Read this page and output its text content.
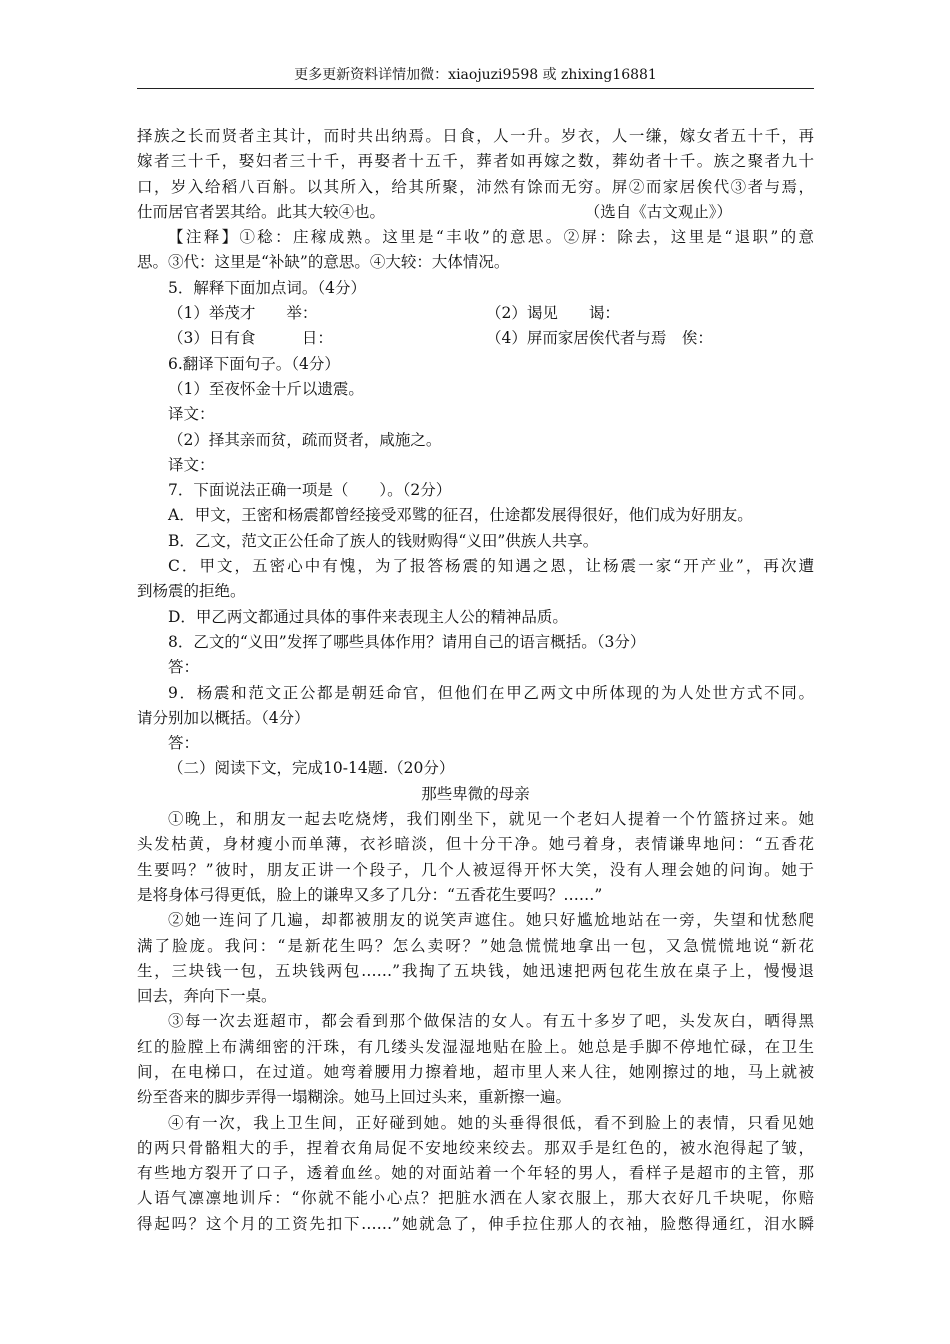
更多更新资料详情加微：xiaojuzi9598 或 zhixing16881
择族之长而贤者主其计，而时共出纳焉。日食，人一升。岁衣，人一缣，嫁女者五十千，再
嫁者三十千，娶妇者三十千，再娶者十五千，葬者如再嫁之数，葬幼者十千。族之聚者九十
口，岁入给稻八百斛。以其所入，给其所聚，沛然有馀而无穷。屏②而家居俟代③者与焉，
仕而居官者罢其给。此其大较④也。	（选自《古文观止》）
【注释】①稔：庄稼成熟。这里是“丰收”的意思。②屏：除去，这里是“退职”的意
思。③代：这里是“补缺”的意思。④大较：大体情况。
5．解释下面加点词。（4分）
（1）举茂才　　举：	（2）谒见　　谒：
（3）日有食　　　日：	（4）屏而家居俟代者与焉　俟：
6.翻译下面句子。（4分）
（1）至夜怀金十斤以遗震。
译文：
（2）择其亲而贫，疏而贤者，咸施之。
译文：
7．下面说法正确一项是（　　）。（2分）
A．甲文，王密和杨震都曾经接受邓骘的征召，仕途都发展得很好，他们成为好朋友。
B．乙文，范文正公任命了族人的钱财购得“义田”供族人共享。
C．甲文，五密心中有愧，为了报答杨震的知遇之恩，让杨震一家“开产业”，再次遭
到杨震的拒绝。
D．甲乙两文都通过具体的事件来表现主人公的精神品质。
8．乙文的“义田”发挥了哪些具体作用？请用自己的语言概括。（3分）
答：
9．杨震和范文正公都是朝廷命官，但他们在甲乙两文中所体现的为人处世方式不同。
请分别加以概括。（4分）
答：
（二）阅读下文，完成10-14题.（20分）
那些卑微的母亲
①晚上，和朋友一起去吃烧烤，我们刚坐下，就见一个老妇人提着一个竹篮挤过来。她
头发枯黄，身材瘦小而单薄，衣衫暗淡，但十分干净。她弓着身，表情谦卑地问：“五香花
生要吗？”彼时，朋友正讲一个段子，几个人被逗得开怀大笑，没有人理会她的问询。她于
是将身体弓得更低，脸上的谦卑又多了几分：“五香花生要吗？……”
②她一连问了几遍，却都被朋友的说笑声遮住。她只好尴尬地站在一旁，失望和忧愁爬
满了脸庞。我问：“是新花生吗？怎么卖呀？”她急慌慌地拿出一包，又急慌慌地说“新花
生，三块钱一包，五块钱两包……”我掏了五块钱，她迅速把两包花生放在桌子上，慢慢退
回去，奔向下一桌。
③每一次去逛超市，都会看到那个做保洁的女人。有五十多岁了吧，头发灰白，晒得黑
红的脸膛上布满细密的汗珠，有几缕头发湿湿地贴在脸上。她总是手脚不停地忙碌，在卫生
间，在电梯口，在过道。她弯着腰用力擦着地，超市里人来人往，她刚擦过的地，马上就被
纷至沓来的脚步弄得一塌糊涂。她马上回过头来，重新擦一遍。
④有一次，我上卫生间，正好碰到她。她的头垂得很低，看不到脸上的表情，只看见她
的两只骨骼粗大的手，捏着衣角局促不安地绞来绞去。那双手是红色的，被水泡得起了皱，
有些地方裂开了口子，透着血丝。她的对面站着一个年轻的男人，看样子是超市的主管，那
人语气凛凛地训斥：“你就不能小心点？把脏水洒在人家衣服上，那大衣好几千块呢，你赔
得起吗？这个月的工资先扣下……”她就急了，伸手拉住那人的衣袖，脸憋得通红，泪水瞬
